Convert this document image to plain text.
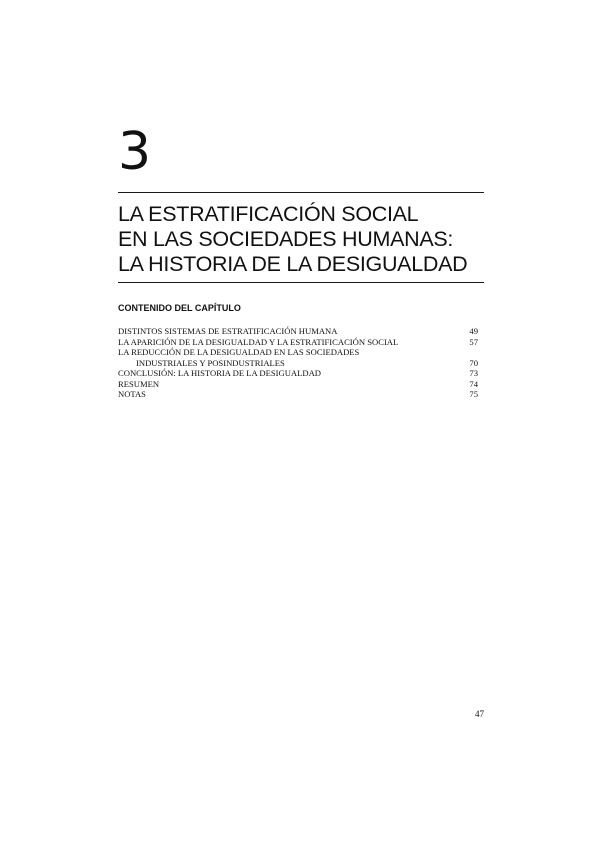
3
LA ESTRATIFICACIÓN SOCIAL
EN LAS SOCIEDADES HUMANAS:
LA HISTORIA DE LA DESIGUALDAD
CONTENIDO DEL CAPÍTULO
DISTINTOS SISTEMAS DE ESTRATIFICACIÓN HUMANA	49
LA APARICIÓN DE LA DESIGUALDAD Y LA ESTRATIFICACIÓN SOCIAL	57
LA REDUCCIÓN DE LA DESIGUALDAD EN LAS SOCIEDADES
INDUSTRIALES Y POSINDUSTRIALES	70
CONCLUSIÓN: LA HISTORIA DE LA DESIGUALDAD	73
RESUMEN	74
NOTAS	75
47
